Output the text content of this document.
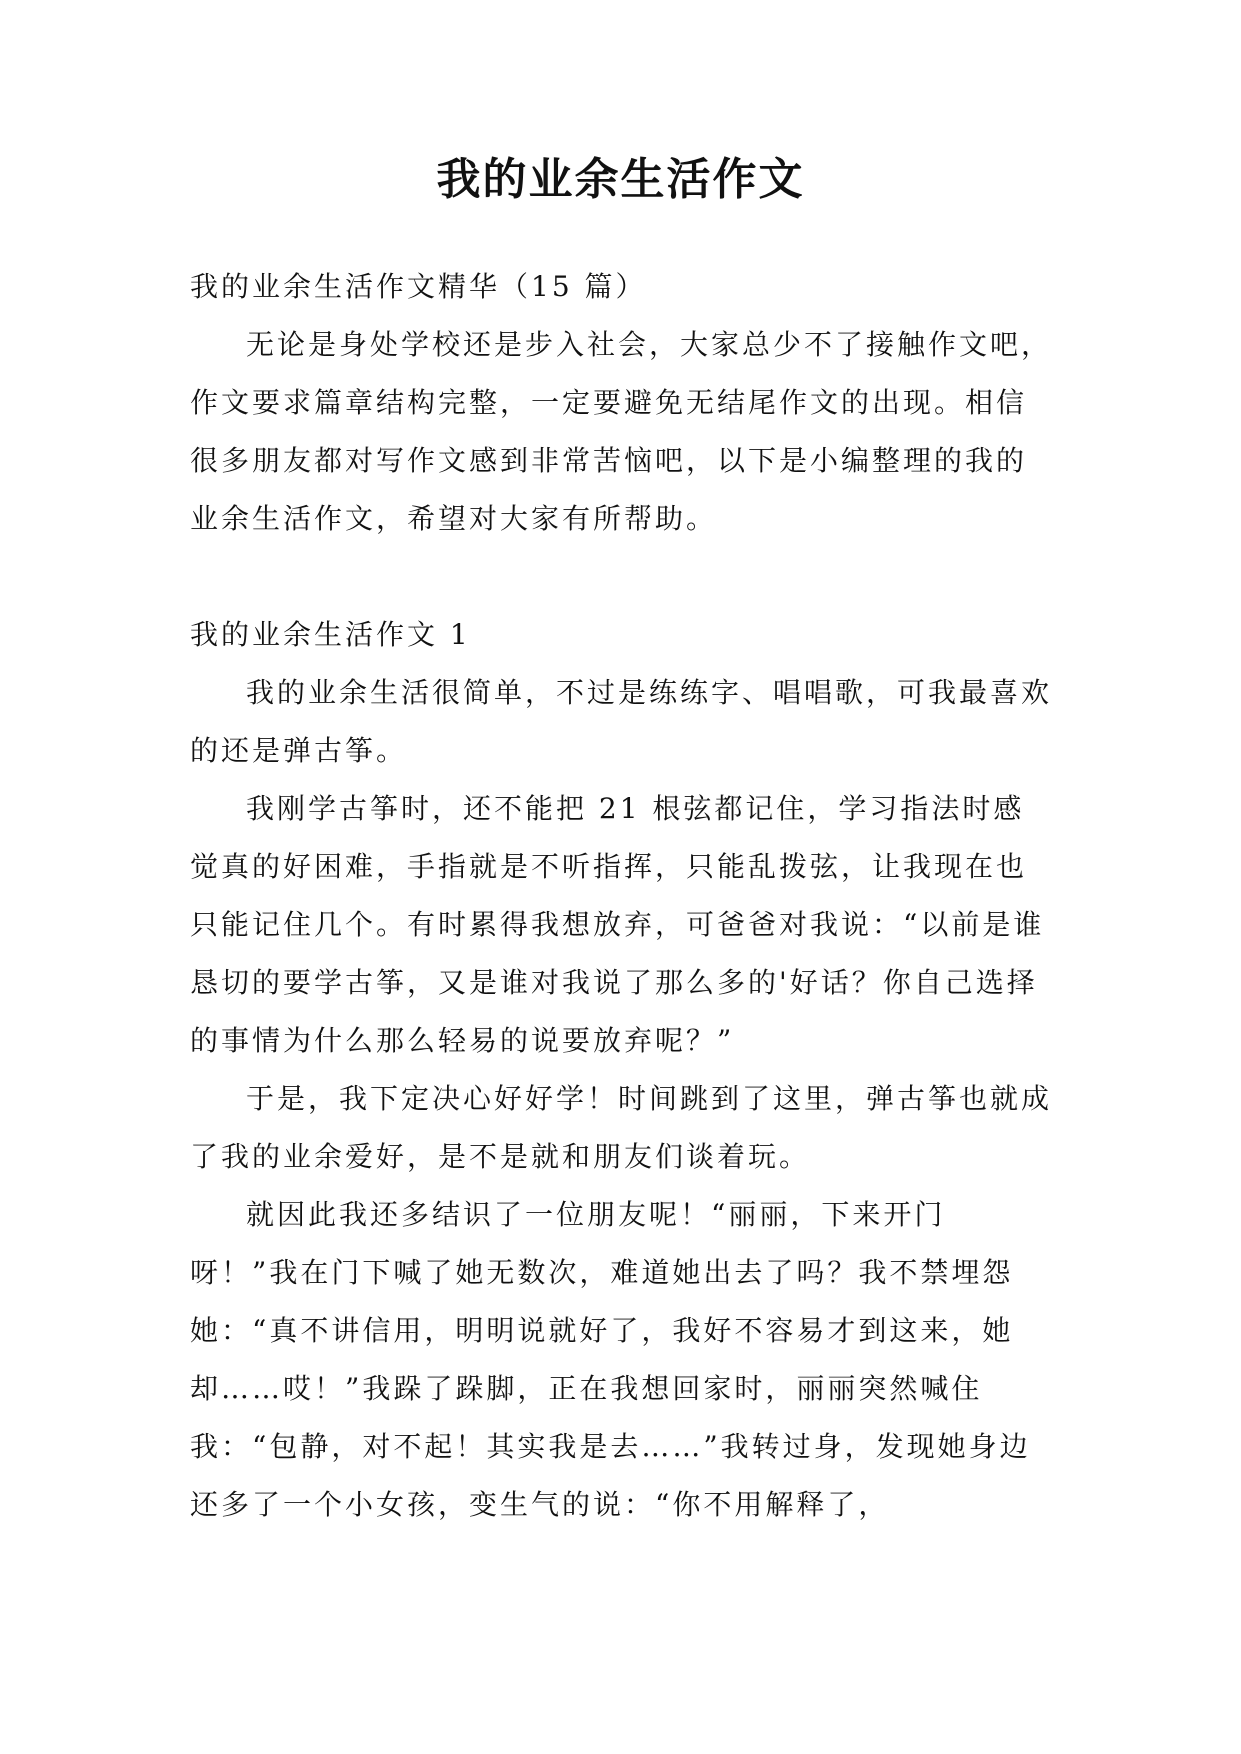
我的业余生活作文

我的业余生活作文精华（15 篇）

无论是身处学校还是步入社会，大家总少不了接触作文吧，作文要求篇章结构完整，一定要避免无结尾作文的出现。相信很多朋友都对写作文感到非常苦恼吧，以下是小编整理的我的业余生活作文，希望对大家有所帮助。

我的业余生活作文 1

我的业余生活很简单，不过是练练字、唱唱歌，可我最喜欢的还是弹古筝。

我刚学古筝时，还不能把 21 根弦都记住，学习指法时感觉真的好困难，手指就是不听指挥，只能乱拨弦，让我现在也只能记住几个。有时累得我想放弃，可爸爸对我说：“以前是谁恳切的要学古筝，又是谁对我说了那么多的'好话？你自己选择的事情为什么那么轻易的说要放弃呢？”

于是，我下定决心好好学！时间跳到了这里，弹古筝也就成了我的业余爱好，是不是就和朋友们谈着玩。

就因此我还多结识了一位朋友呢！“丽丽，下来开门呀！”我在门下喊了她无数次，难道她出去了吗？我不禁埋怨她：“真不讲信用，明明说就好了，我好不容易才到这来，她却……哎！”我跺了跺脚，正在我想回家时，丽丽突然喊住我：“包静，对不起！其实我是去……”我转过身，发现她身边还多了一个小女孩，变生气的说：“你不用解释了，
